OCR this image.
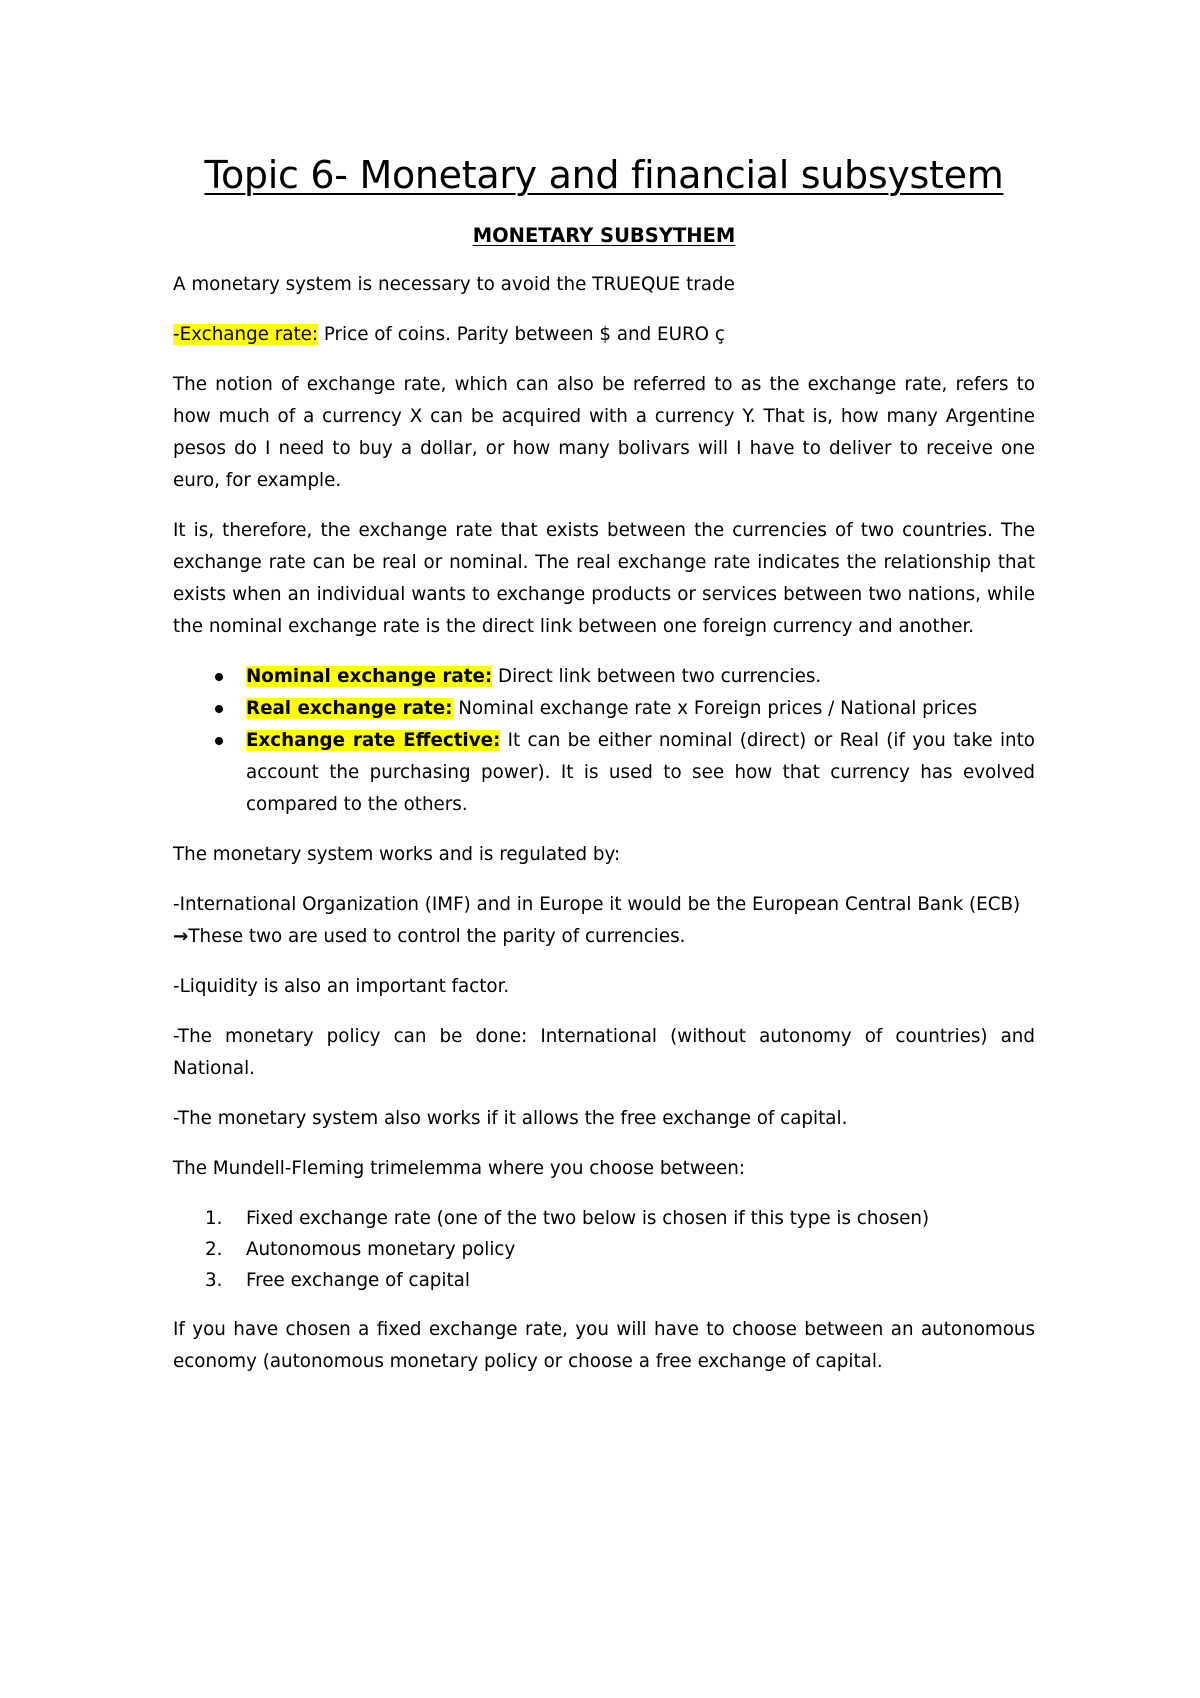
Topic 6- Monetary and financial subsystem
MONETARY SUBSYTHEM

A monetary system is necessary to avoid the TRUEQUE trade

-Exchange rate: Price of coins. Parity between $ and EURO ç

The notion of exchange rate, which can also be referred to as the exchange rate, refers to how much of a currency X can be acquired with a currency Y. That is, how many Argentine pesos do I need to buy a dollar, or how many bolivars will I have to deliver to receive one euro, for example.

It is, therefore, the exchange rate that exists between the currencies of two countries. The exchange rate can be real or nominal. The real exchange rate indicates the relationship that exists when an individual wants to exchange products or services between two nations, while the nominal exchange rate is the direct link between one foreign currency and another.

Nominal exchange rate: Direct link between two currencies.
Real exchange rate: Nominal exchange rate x Foreign prices / National prices
Exchange rate Effective: It can be either nominal (direct) or Real (if you take into account the purchasing power). It is used to see how that currency has evolved compared to the others.

The monetary system works and is regulated by:

-International Organization (IMF) and in Europe it would be the European Central Bank (ECB)
→These two are used to control the parity of currencies.

-Liquidity is also an important factor.

-The monetary policy can be done: International (without autonomy of countries) and National.

-The monetary system also works if it allows the free exchange of capital.

The Mundell-Fleming trimelemma where you choose between:

1. Fixed exchange rate (one of the two below is chosen if this type is chosen)
2. Autonomous monetary policy
3. Free exchange of capital

If you have chosen a fixed exchange rate, you will have to choose between an autonomous economy (autonomous monetary policy or choose a free exchange of capital.
